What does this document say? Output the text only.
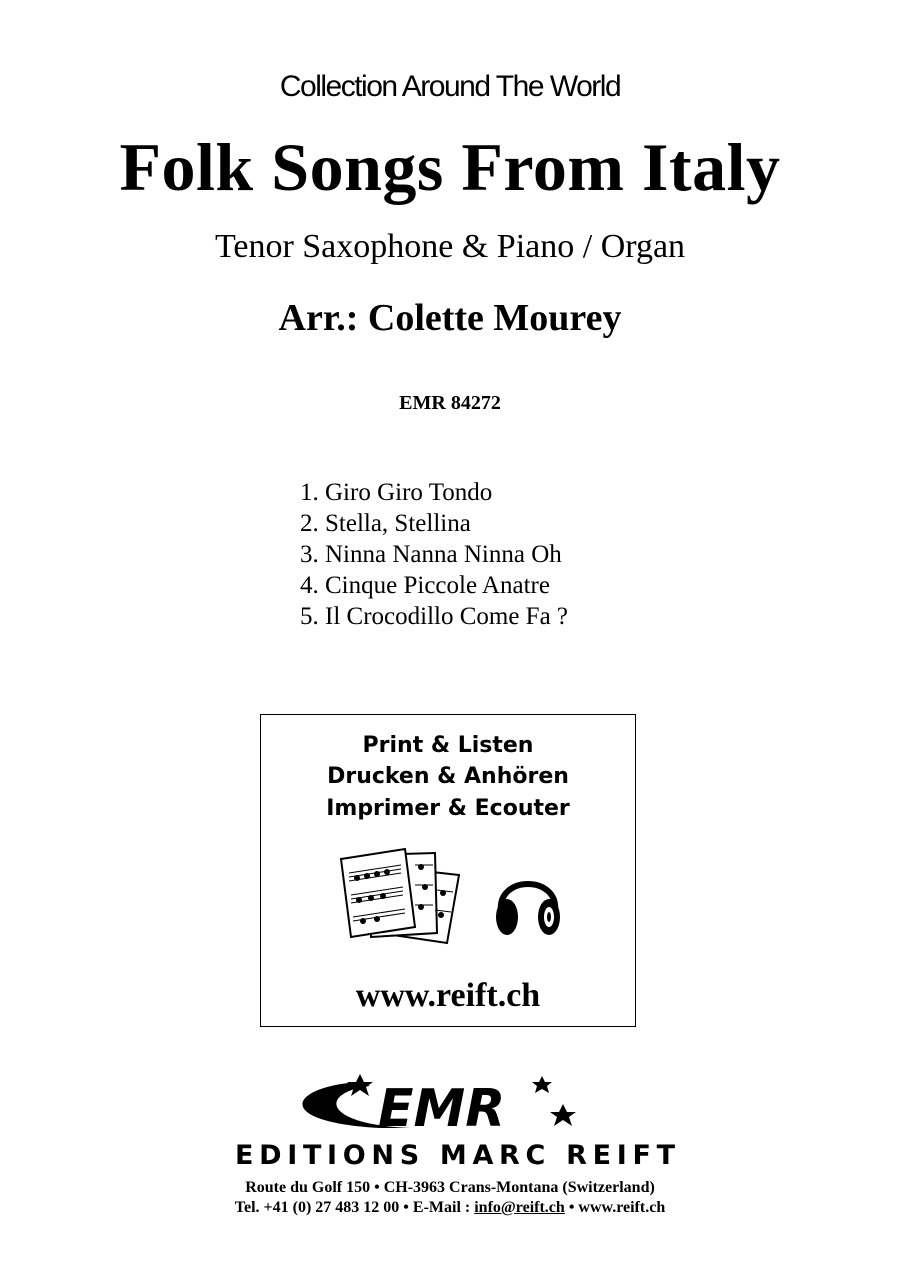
Collection Around The World
Folk Songs From Italy
Tenor Saxophone & Piano / Organ
Arr.: Colette Mourey
EMR 84272
1. Giro Giro Tondo
2. Stella, Stellina
3. Ninna Nanna Ninna Oh
4. Cinque Piccole Anatre
5. Il Crocodillo Come Fa ?
Print & Listen
Drucken & Anhören
Imprimer & Ecouter
www.reift.ch
EMR
EDITIONS MARC REIFT
Route du Golf 150 • CH-3963 Crans-Montana (Switzerland)
Tel. +41 (0) 27 483 12 00 • E-Mail : info@reift.ch • www.reift.ch
